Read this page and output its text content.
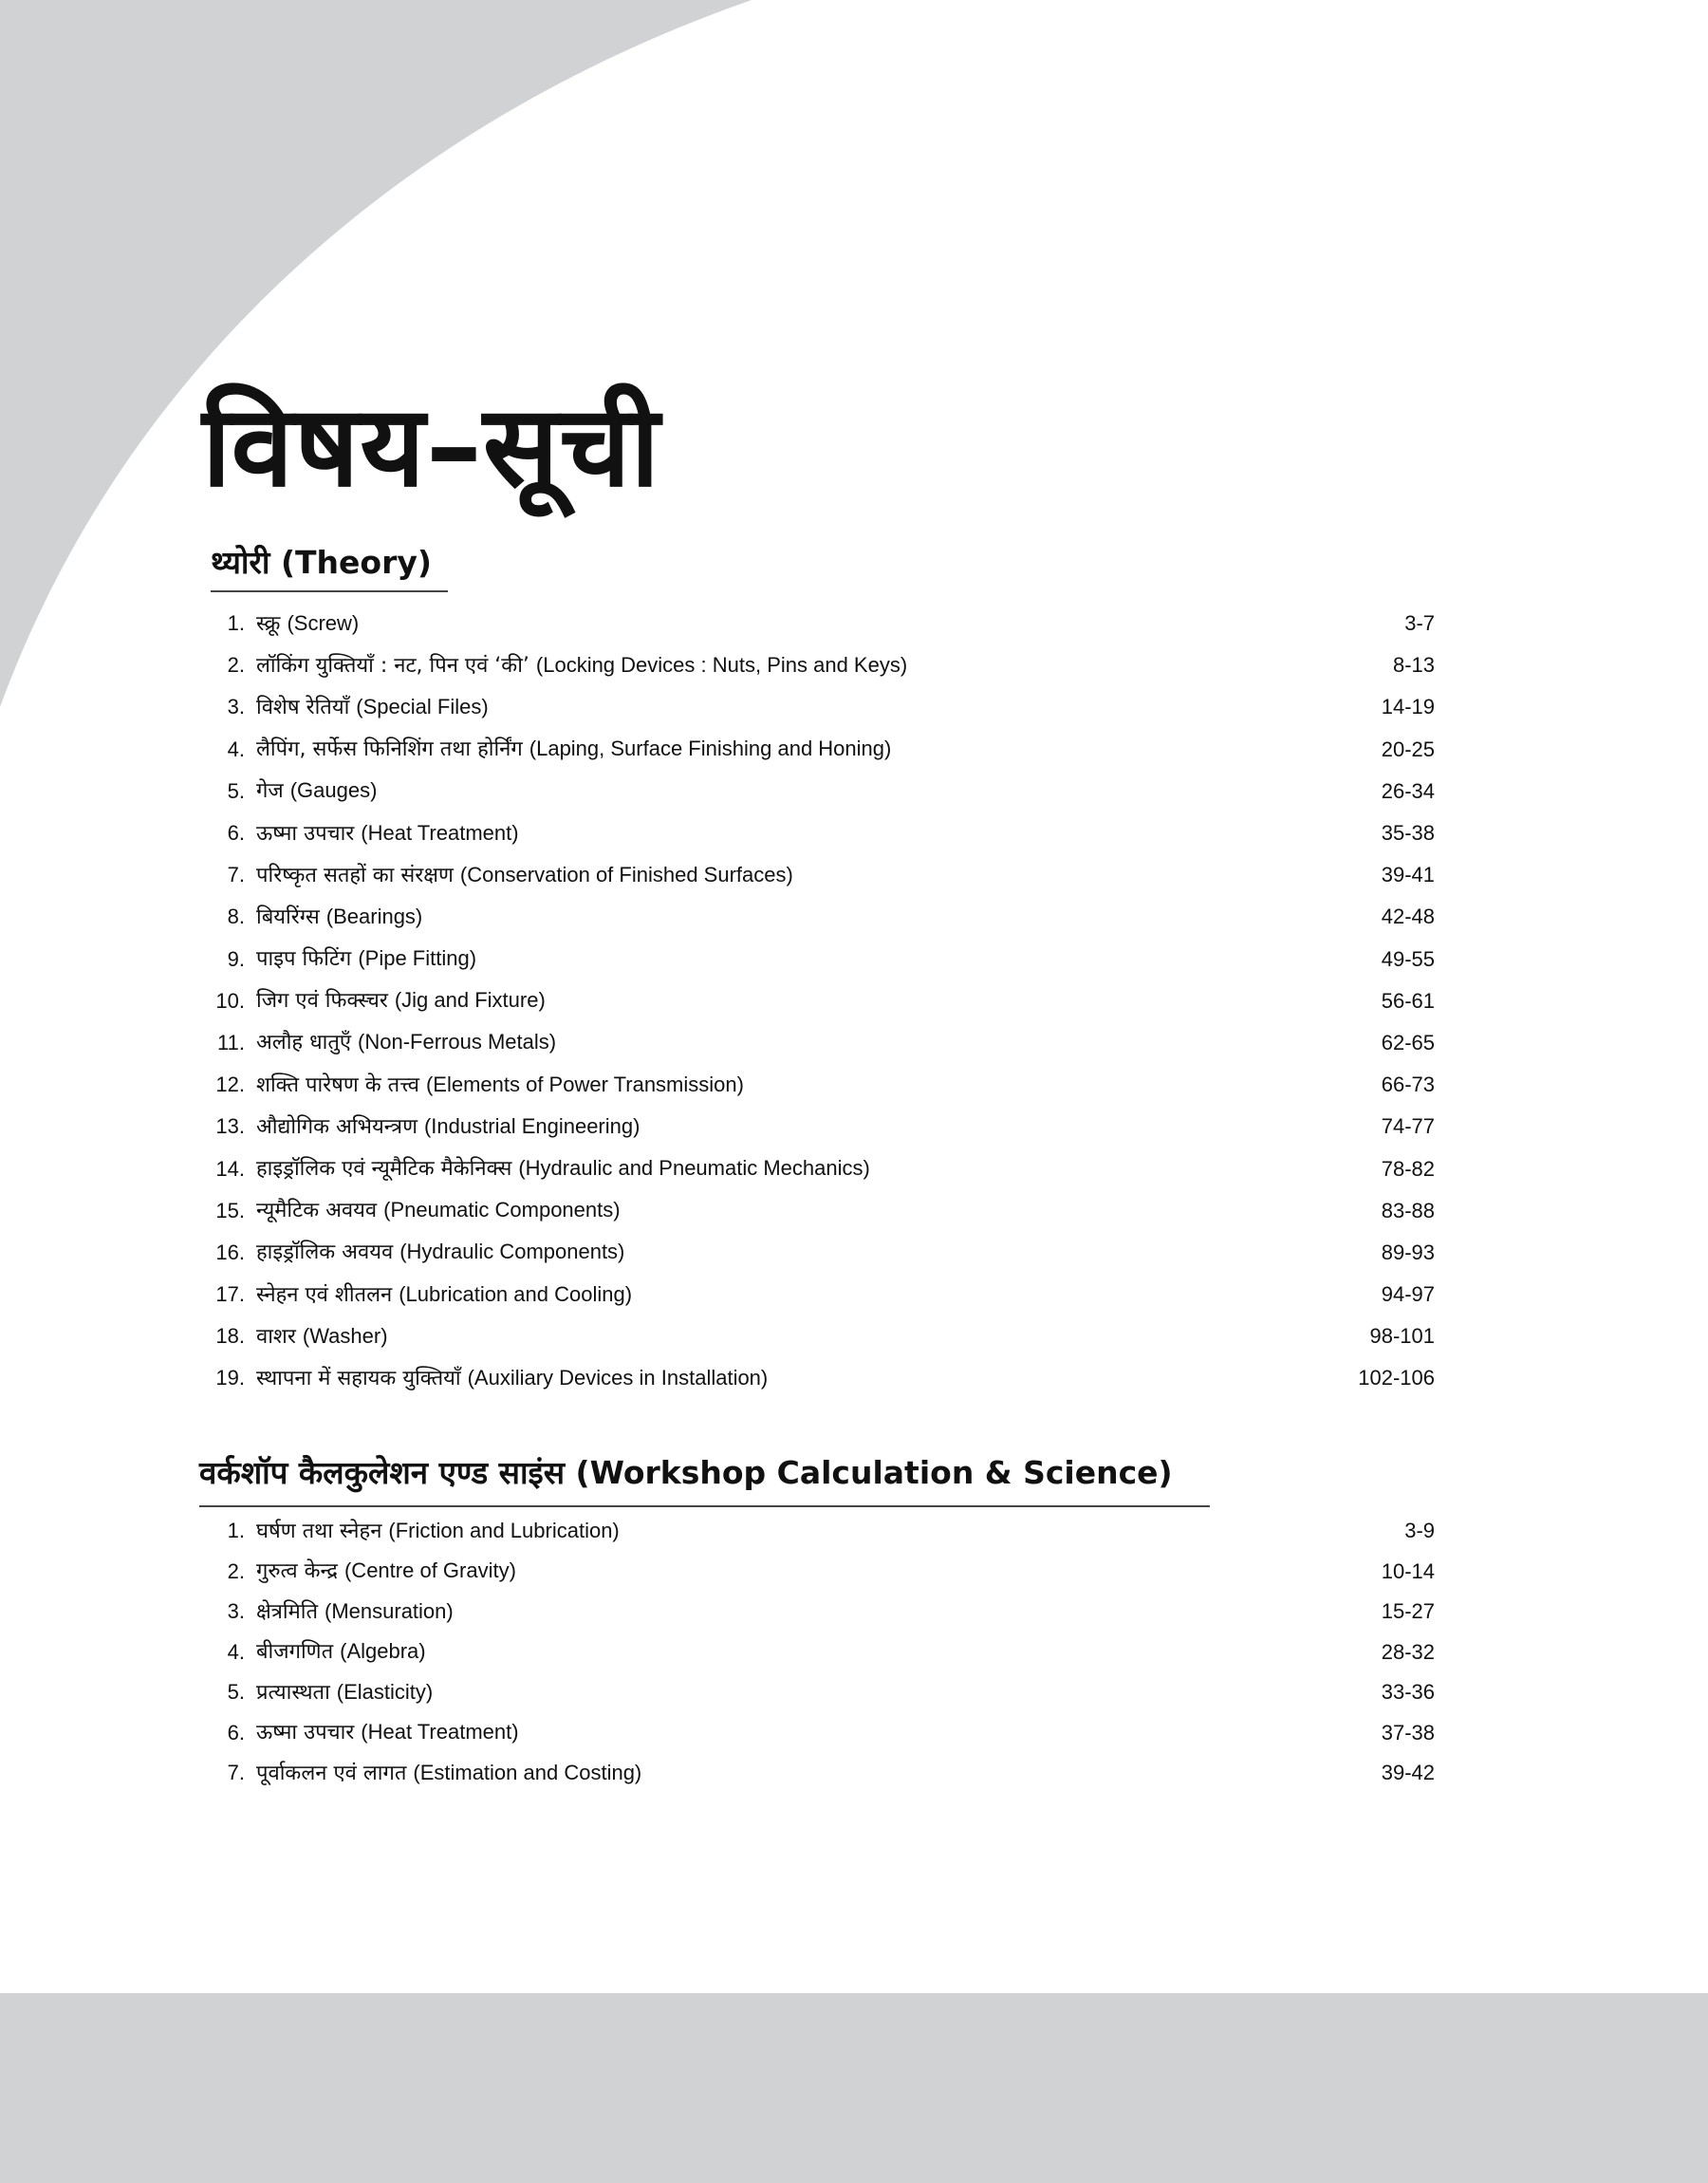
विषय–सूची
थ्योरी (Theory)
1. स्क्रू (Screw)	3-7
2. लॉकिंग युक्तियाँ : नट, पिन एवं ‘की’ (Locking Devices : Nuts, Pins and Keys)	8-13
3. विशेष रेतियाँ (Special Files)	14-19
4. लैपिंग, सर्फेस फिनिशिंग तथा होर्निंग (Laping, Surface Finishing and Honing)	20-25
5. गेज (Gauges)	26-34
6. ऊष्मा उपचार (Heat Treatment)	35-38
7. परिष्कृत सतहों का संरक्षण (Conservation of Finished Surfaces)	39-41
8. बियरिंग्स (Bearings)	42-48
9. पाइप फिटिंग (Pipe Fitting)	49-55
10. जिग एवं फिक्स्चर (Jig and Fixture)	56-61
11. अलौह धातुएँ (Non-Ferrous Metals)	62-65
12. शक्ति पारेषण के तत्त्व (Elements of Power Transmission)	66-73
13. औद्योगिक अभियन्त्रण (Industrial Engineering)	74-77
14. हाइड्रॉलिक एवं न्यूमैटिक मैकेनिक्स (Hydraulic and Pneumatic Mechanics)	78-82
15. न्यूमैटिक अवयव (Pneumatic Components)	83-88
16. हाइड्रॉलिक अवयव (Hydraulic Components)	89-93
17. स्नेहन एवं शीतलन (Lubrication and Cooling)	94-97
18. वाशर (Washer)	98-101
19. स्थापना में सहायक युक्तियाँ (Auxiliary Devices in Installation)	102-106
वर्कशॉप कैलकुलेशन एण्ड साइंस (Workshop Calculation & Science)
1. घर्षण तथा स्नेहन (Friction and Lubrication)	3-9
2. गुरुत्व केन्द्र (Centre of Gravity)	10-14
3. क्षेत्रमिति (Mensuration)	15-27
4. बीजगणित (Algebra)	28-32
5. प्रत्यास्थता (Elasticity)	33-36
6. ऊष्मा उपचार (Heat Treatment)	37-38
7. पूर्वाकलन एवं लागत (Estimation and Costing)	39-42
